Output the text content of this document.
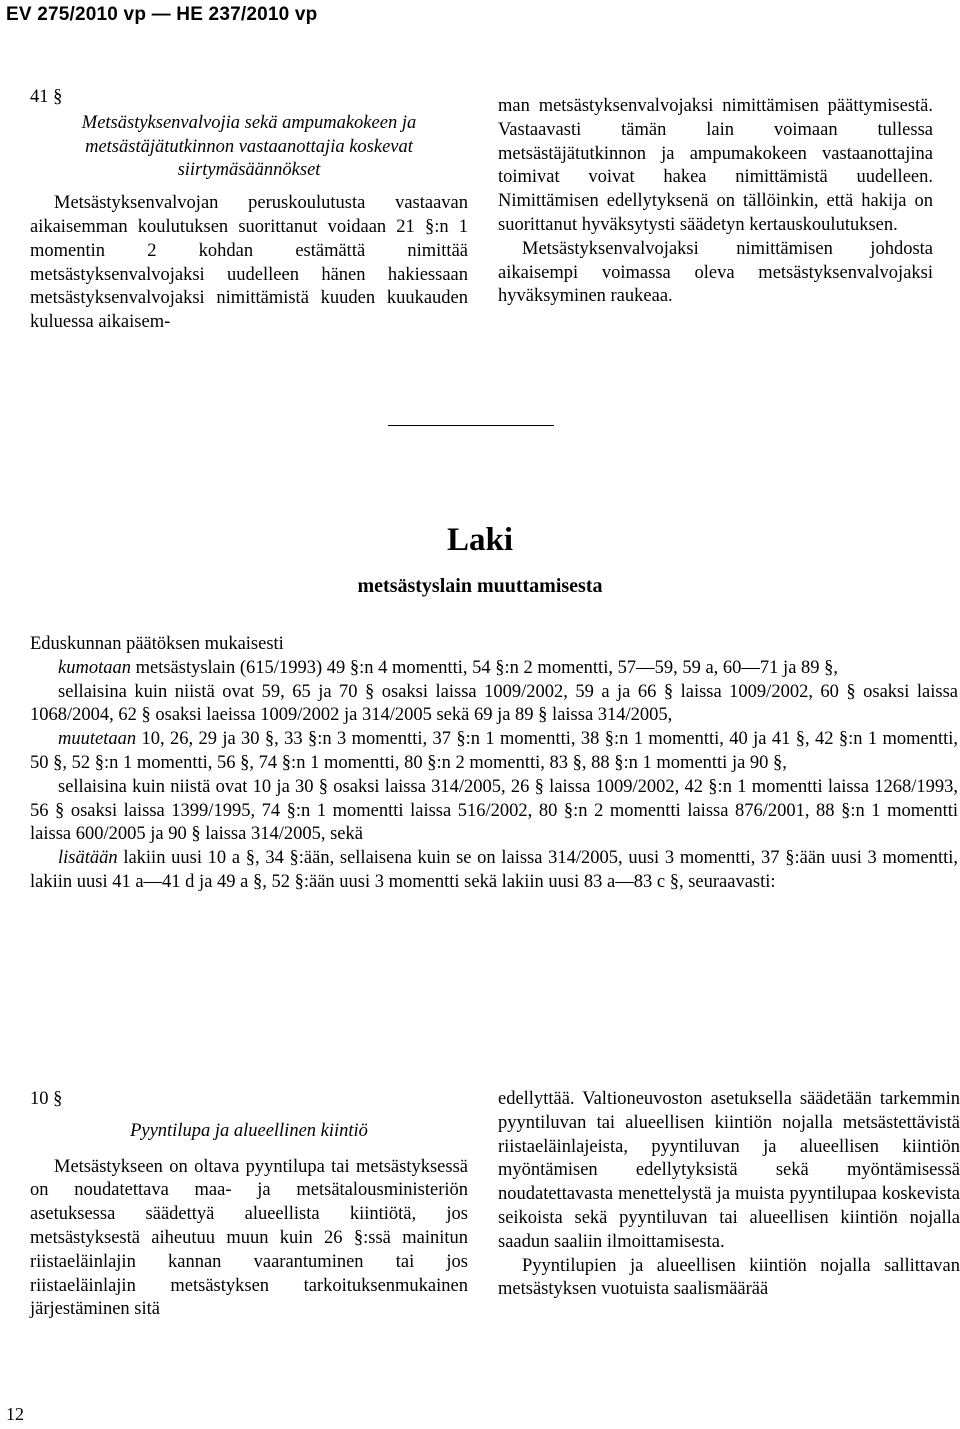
EV 275/2010 vp — HE 237/2010 vp

41 §

Metsästyksenvalvojia sekä ampumakokeen ja

metsästäjätutkinnon vastaanottajia koskevat

siirtymäsäännökset

Metsästyksenvalvojan peruskoulutusta vastaavan aikaisemman koulutuksen suorittanut voidaan 21 §:n 1 momentin 2 kohdan estämättä nimittää metsästyksenvalvojaksi uudelleen hänen hakiessaan metsästyksenvalvojaksi nimittämistä kuuden kuukauden kuluessa aikaisem-

man metsästyksenvalvojaksi nimittämisen päättymisestä. Vastaavasti tämän lain voimaan tullessa metsästäjätutkinnon ja ampumakokeen vastaanottajina toimivat voivat hakea nimittämistä uudelleen. Nimittämisen edellytyksenä on tällöinkin, että hakija on suorittanut hyväksytysti säädetyn kertauskoulutuksen.

Metsästyksenvalvojaksi nimittämisen johdosta aikaisempi voimassa oleva metsästyksenvalvojaksi hyväksyminen raukeaa.

Laki
metsästyslain muuttamisesta

Eduskunnan päätöksen mukaisesti

kumotaan metsästyslain (615/1993) 49 §:n 4 momentti, 54 §:n 2 momentti, 57—59, 59 a, 60—71 ja 89 §,

sellaisina kuin niistä ovat 59, 65 ja 70 § osaksi laissa 1009/2002, 59 a ja 66 § laissa 1009/2002, 60 § osaksi laissa 1068/2004, 62 § osaksi laeissa 1009/2002 ja 314/2005 sekä 69 ja 89 § laissa 314/2005,

muutetaan 10, 26, 29 ja 30 §, 33 §:n 3 momentti, 37 §:n 1 momentti, 38 §:n 1 momentti, 40 ja 41 §, 42 §:n 1 momentti, 50 §, 52 §:n 1 momentti, 56 §, 74 §:n 1 momentti, 80 §:n 2 momentti, 83 §, 88 §:n 1 momentti ja 90 §,

sellaisina kuin niistä ovat 10 ja 30 § osaksi laissa 314/2005, 26 § laissa 1009/2002, 42 §:n 1 momentti laissa 1268/1993, 56 § osaksi laissa 1399/1995, 74 §:n 1 momentti laissa 516/2002, 80 §:n 2 momentti laissa 876/2001, 88 §:n 1 momentti laissa 600/2005 ja 90 § laissa 314/2005, sekä

lisätään lakiin uusi 10 a §, 34 §:ään, sellaisena kuin se on laissa 314/2005, uusi 3 momentti, 37 §:ään uusi 3 momentti, lakiin uusi 41 a—41 d ja 49 a §, 52 §:ään uusi 3 momentti sekä lakiin uusi 83 a—83 c §, seuraavasti:

10 §

Pyyntilupa ja alueellinen kiintiö

Metsästykseen on oltava pyyntilupa tai metsästyksessä on noudatettava maa- ja metsätalousministeriön asetuksessa säädettyä alueellista kiintiötä, jos metsästyksestä aiheutuu muun kuin 26 §:ssä mainitun riistaeläinlajin kannan vaarantuminen tai jos riistaeläinlajin metsästyksen tarkoituksenmukainen järjestäminen sitä

edellyttää. Valtioneuvoston asetuksella säädetään tarkemmin pyyntiluvan tai alueellisen kiintiön nojalla metsästettävistä riistaeläinlajeista, pyyntiluvan ja alueellisen kiintiön myöntämisen edellytyksistä sekä myöntämisessä noudatettavasta menettelystä ja muista pyyntilupaa koskevista seikoista sekä pyyntiluvan tai alueellisen kiintiön nojalla saadun saaliin ilmoittamisesta.

Pyyntilupien ja alueellisen kiintiön nojalla sallittavan metsästyksen vuotuista saalismäärää

12
